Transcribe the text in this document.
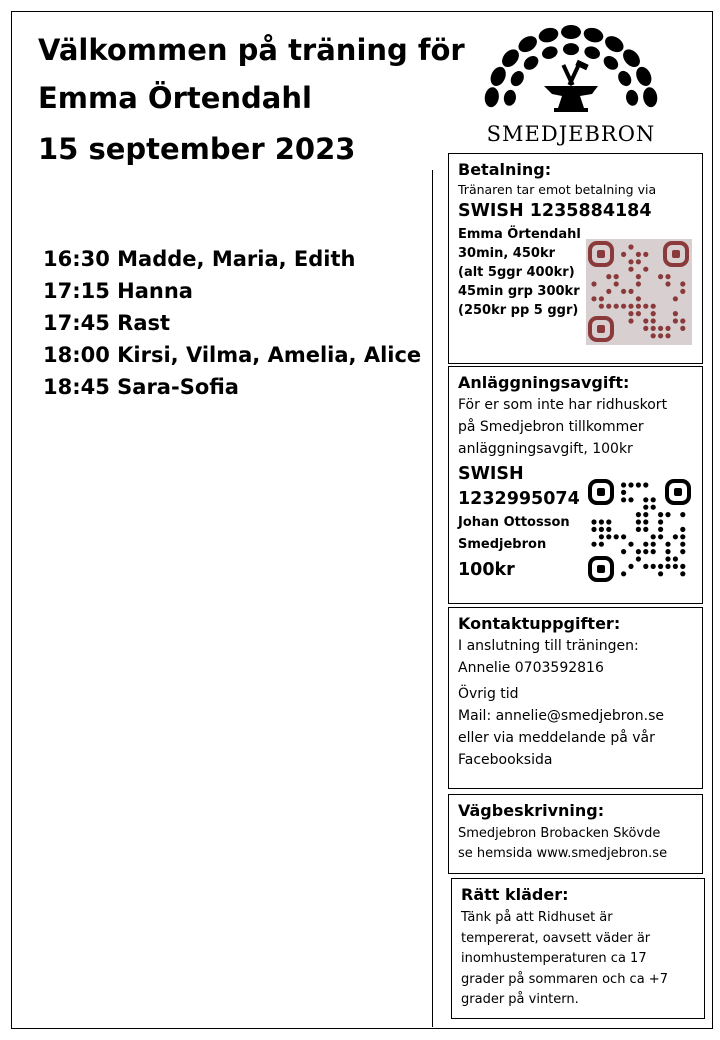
Välkommen på träning för
Emma Örtendahl
15 september 2023
16:30 Madde, Maria, Edith
17:15 Hanna
17:45 Rast
18:00 Kirsi, Vilma, Amelia, Alice
18:45 Sara-Sofia
SMEDJEBRON
Betalning:
Tränaren tar emot betalning via
SWISH 1235884184
Emma Örtendahl
30min, 450kr
(alt 5ggr 400kr)
45min grp 300kr
(250kr pp 5 ggr)
Anläggningsavgift:
För er som inte har ridhuskort
på Smedjebron tillkommer
anläggningsavgift, 100kr
SWISH
1232995074
Johan Ottosson
Smedjebron
100kr
Kontaktuppgifter:
I anslutning till träningen:
Annelie 0703592816
Övrig tid
Mail: annelie@smedjebron.se
eller via meddelande på vår
Facebooksida
Vägbeskrivning:
Smedjebron Brobacken Skövde
se hemsida www.smedjebron.se
Rätt kläder:
Tänk på att Ridhuset är
tempererat, oavsett väder är
inomhustemperaturen ca 17
grader på sommaren och ca +7
grader på vintern.
